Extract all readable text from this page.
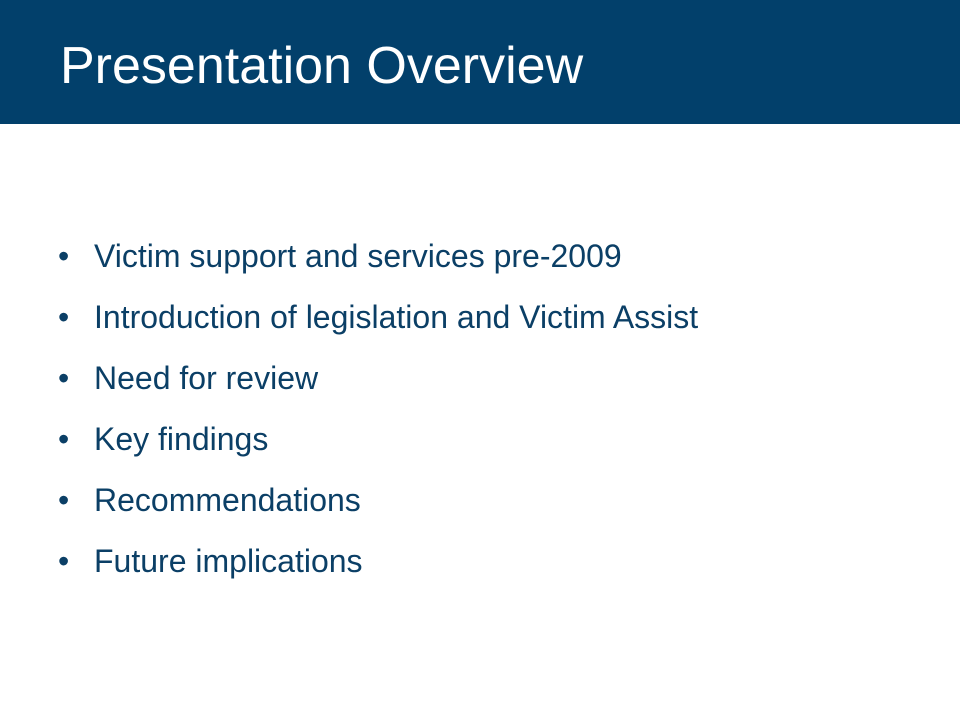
Presentation Overview
• Victim support and services pre-2009
• Introduction of legislation and Victim Assist
• Need for review
• Key findings
• Recommendations
• Future implications
